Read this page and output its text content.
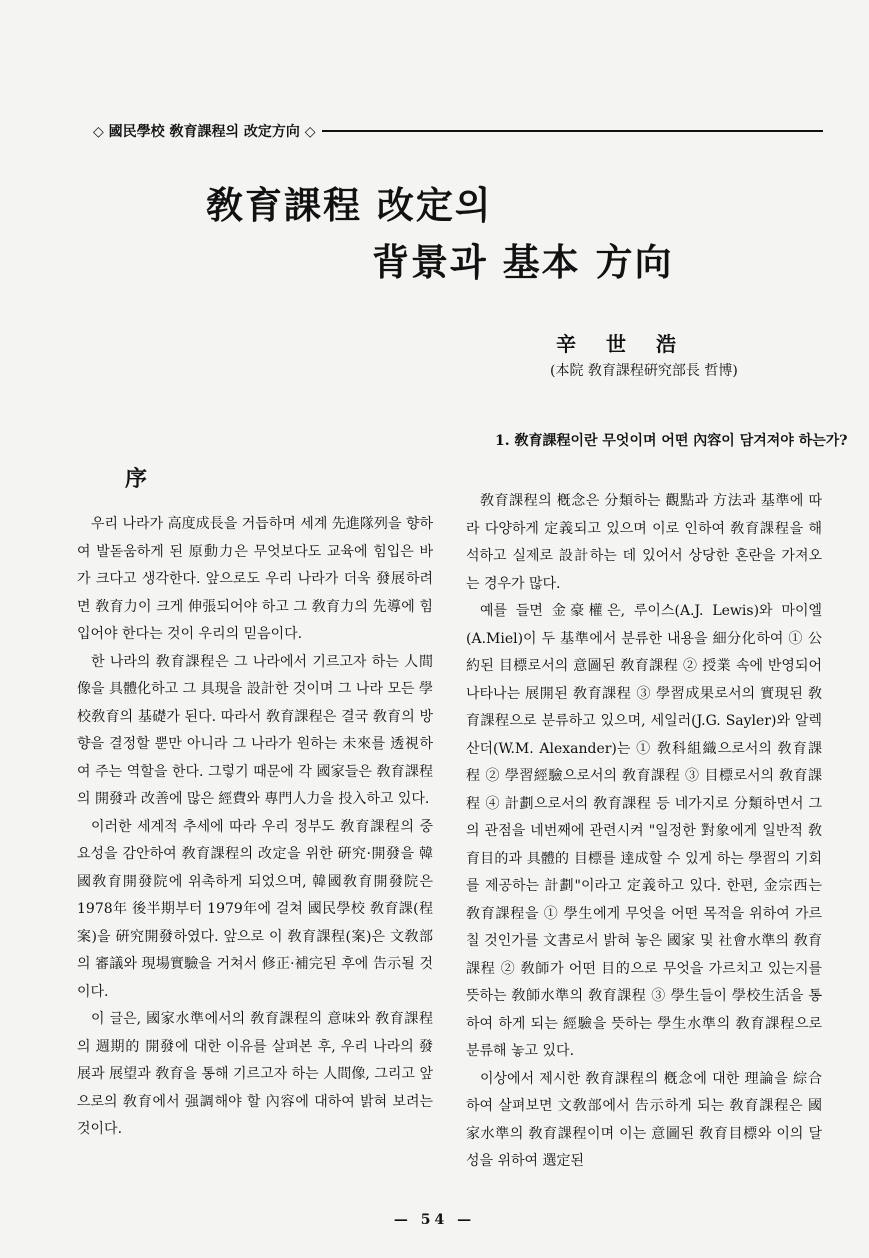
◇ 國民學校 敎育課程의 改定方向 ◇
敎育課程 改定의
背景과 基本 方向
辛世浩
(本院 敎育課程硏究部長 哲博)
序

우리 나라가 高度成長을 거듭하며 세계 先進隊列을 향하여 발돋움하게 된 原動力은 무엇보다도 교육에 힘입은 바가 크다고 생각한다. 앞으로도 우리 나라가 더욱 發展하려면 敎育力이 크게 伸張되어야 하고 그 敎育力의 先導에 힘입어야 한다는 것이 우리의 믿음이다.

한 나라의 敎育課程은 그 나라에서 기르고자 하는 人間像을 具體化하고 그 具現을 設計한 것이며 그 나라 모든 學校敎育의 基礎가 된다. 따라서 敎育課程은 결국 敎育의 방향을 결정할 뿐만 아니라 그 나라가 원하는 未來를 透視하여 주는 역할을 한다. 그렇기 때문에 각 國家들은 敎育課程의 開發과 改善에 많은 經費와 專門人力을 投入하고 있다.

이러한 세계적 추세에 따라 우리 정부도 敎育課程의 중요성을 감안하여 敎育課程의 改定을 위한 硏究·開發을 韓國敎育開發院에 위촉하게 되었으며, 韓國敎育開發院은 1978年 後半期부터 1979年에 걸쳐 國民學校 敎育課(程案)을 硏究開發하였다. 앞으로 이 敎育課程(案)은 文敎部의 審議와 現場實驗을 거쳐서 修正·補完된 후에 告示될 것이다.

이 글은, 國家水準에서의 敎育課程의 意味와 敎育課程의 週期的 開發에 대한 이유를 살펴본 후, 우리 나라의 發展과 展望과 敎育을 통해 기르고자 하는 人間像, 그리고 앞으로의 敎育에서 强調해야 할 內容에 대하여 밝혀 보려는 것이다.

1. 敎育課程이란 무엇이며 어떤 內容이 담겨져야 하는가?

敎育課程의 槪念은 分類하는 觀點과 方法과 基準에 따라 다양하게 定義되고 있으며 이로 인하여 敎育課程을 해석하고 실제로 設計하는 데 있어서 상당한 혼란을 가져오는 경우가 많다.

예를 들면 金豪權은, 루이스(A.J. Lewis)와 마이엘(A.Miel)이 두 基準에서 분류한 내용을 細分化하여 ① 公約된 目標로서의 意圖된 敎育課程 ② 授業 속에 반영되어 나타나는 展開된 敎育課程 ③ 學習成果로서의 實現된 敎育課程으로 분류하고 있으며, 세일러(J.G. Sayler)와 알렉산더(W.M. Alexander)는 ① 敎科組織으로서의 敎育課程 ② 學習經驗으로서의 敎育課程 ③ 目標로서의 敎育課程 ④ 計劃으로서의 敎育課程 등 네가지로 分類하면서 그의 관점을 네번째에 관련시켜 "일정한 對象에게 일반적 敎育目的과 具體的 目標를 達成할 수 있게 하는 學習의 기회를 제공하는 計劃"이라고 定義하고 있다. 한편, 金宗西는 敎育課程을 ① 學生에게 무엇을 어떤 목적을 위하여 가르칠 것인가를 文書로서 밝혀 놓은 國家 및 社會水準의 敎育課程 ② 敎師가 어떤 目的으로 무엇을 가르치고 있는지를 뜻하는 敎師水準의 敎育課程 ③ 學生들이 學校生活을 통하여 하게 되는 經驗을 뜻하는 學生水準의 敎育課程으로 분류해 놓고 있다.

이상에서 제시한 敎育課程의 槪念에 대한 理論을 綜合하여 살펴보면 文敎部에서 告示하게 되는 敎育課程은 國家水準의 敎育課程이며 이는 意圖된 敎育目標와 이의 달성을 위하여 選定된

— 54 —
